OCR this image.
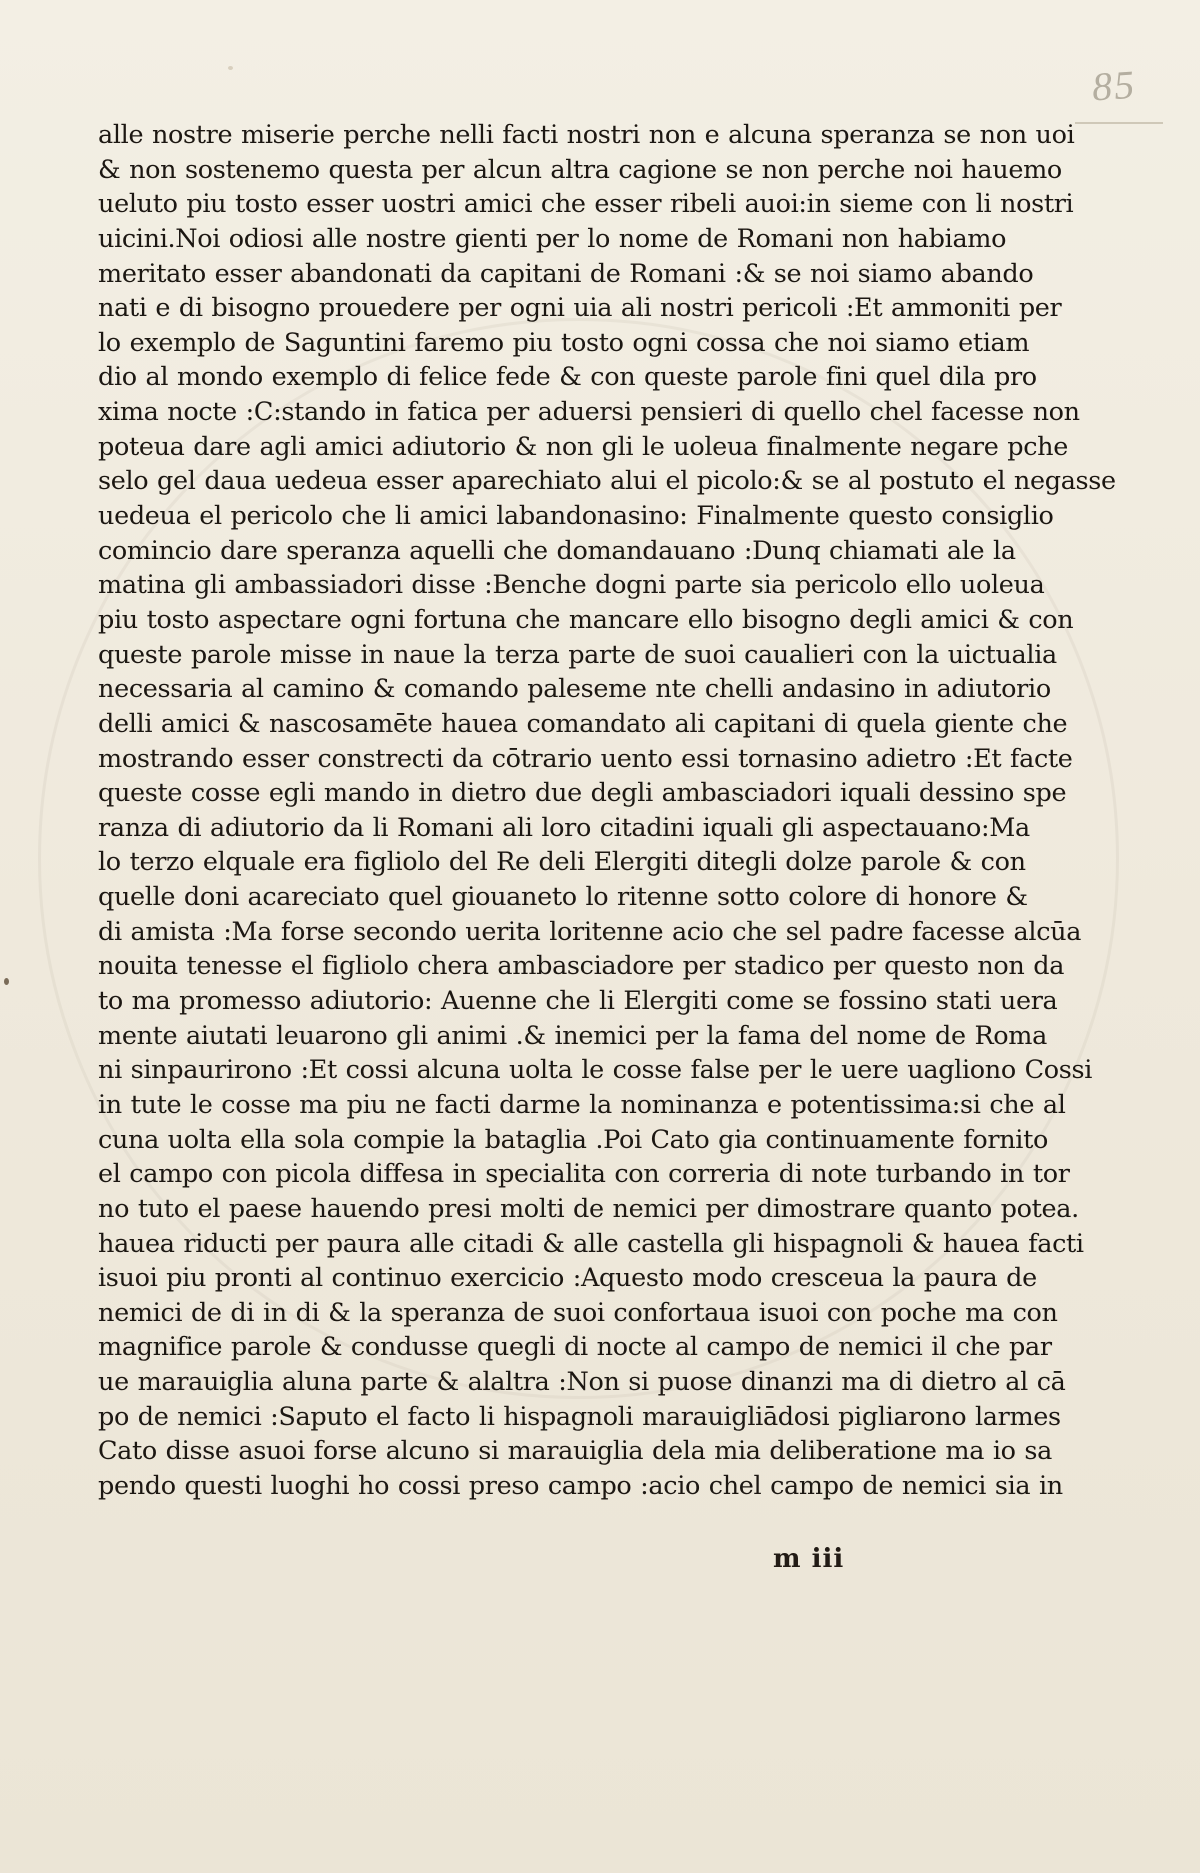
85
alle nostre miserie perche nelli facti nostri non e alcuna speranza se non uoi
& non sostenemo questa per alcun altra cagione se non perche noi hauemo
ueluto piu tosto esser uostri amici che esser ribeli auoi:in sieme con li nostri
uicini.Noi odiosi alle nostre gienti per lo nome de Romani non habiamo
meritato esser abandonati da capitani de Romani :& se noi siamo abando
nati e di bisogno prouedere per ogni uia ali nostri pericoli :Et ammoniti per
lo exemplo de Saguntini faremo piu tosto ogni cossa che noi siamo etiam
dio al mondo exemplo di felice fede & con queste parole fini quel dila pro
xima nocte :C:stando in fatica per aduersi pensieri di quello chel facesse non
poteua dare agli amici adiutorio & non gli le uoleua finalmente negare pche
selo gel daua uedeua esser aparechiato alui el picolo:& se al postuto el negasse
uedeua el pericolo che li amici labandonasino: Finalmente questo consiglio
comincio dare speranza aquelli che domandauano :Dunq chiamati ale la
matina gli ambassiadori disse :Benche dogni parte sia pericolo ello uoleua
piu tosto aspectare ogni fortuna che mancare ello bisogno degli amici & con
queste parole misse in naue la terza parte de suoi caualieri con la uictualia
necessaria al camino & comando paleseme nte chelli andasino in adiutorio
delli amici & nascosamēte hauea comandato ali capitani di quela giente che
mostrando esser constrecti da cōtrario uento essi tornasino adietro :Et facte
queste cosse egli mando in dietro due degli ambasciadori iquali dessino spe
ranza di adiutorio da li Romani ali loro citadini iquali gli aspectauano:Ma
lo terzo elquale era figliolo del Re deli Elergiti ditegli dolze parole & con
quelle doni acareciato quel giouaneto lo ritenne sotto colore di honore &
di amista :Ma forse secondo uerita loritenne acio che sel padre facesse alcūa
nouita tenesse el figliolo chera ambasciadore per stadico per questo non da
to ma promesso adiutorio: Auenne che li Elergiti come se fossino stati uera
mente aiutati leuarono gli animi .& inemici per la fama del nome de Roma
ni sinpaurirono :Et cossi alcuna uolta le cosse false per le uere uagliono Cossi
in tute le cosse ma piu ne facti darme la nominanza e potentissima:si che al
cuna uolta ella sola compie la bataglia .Poi Cato gia continuamente fornito
el campo con picola diffesa in specialita con correria di note turbando in tor
no tuto el paese hauendo presi molti de nemici per dimostrare quanto potea.
hauea riducti per paura alle citadi & alle castella gli hispagnoli & hauea facti
isuoi piu pronti al continuo exercicio :Aquesto modo cresceua la paura de
nemici de di in di & la speranza de suoi confortaua isuoi con poche ma con
magnifice parole & condusse quegli di nocte al campo de nemici il che par
ue marauiglia aluna parte & alaltra :Non si puose dinanzi ma di dietro al cā
po de nemici :Saputo el facto li hispagnoli marauigliādosi pigliarono larmes
Cato disse asuoi forse alcuno si marauiglia dela mia deliberatione ma io sa
pendo questi luoghi ho cossi preso campo :acio chel campo de nemici sia in
m iii
